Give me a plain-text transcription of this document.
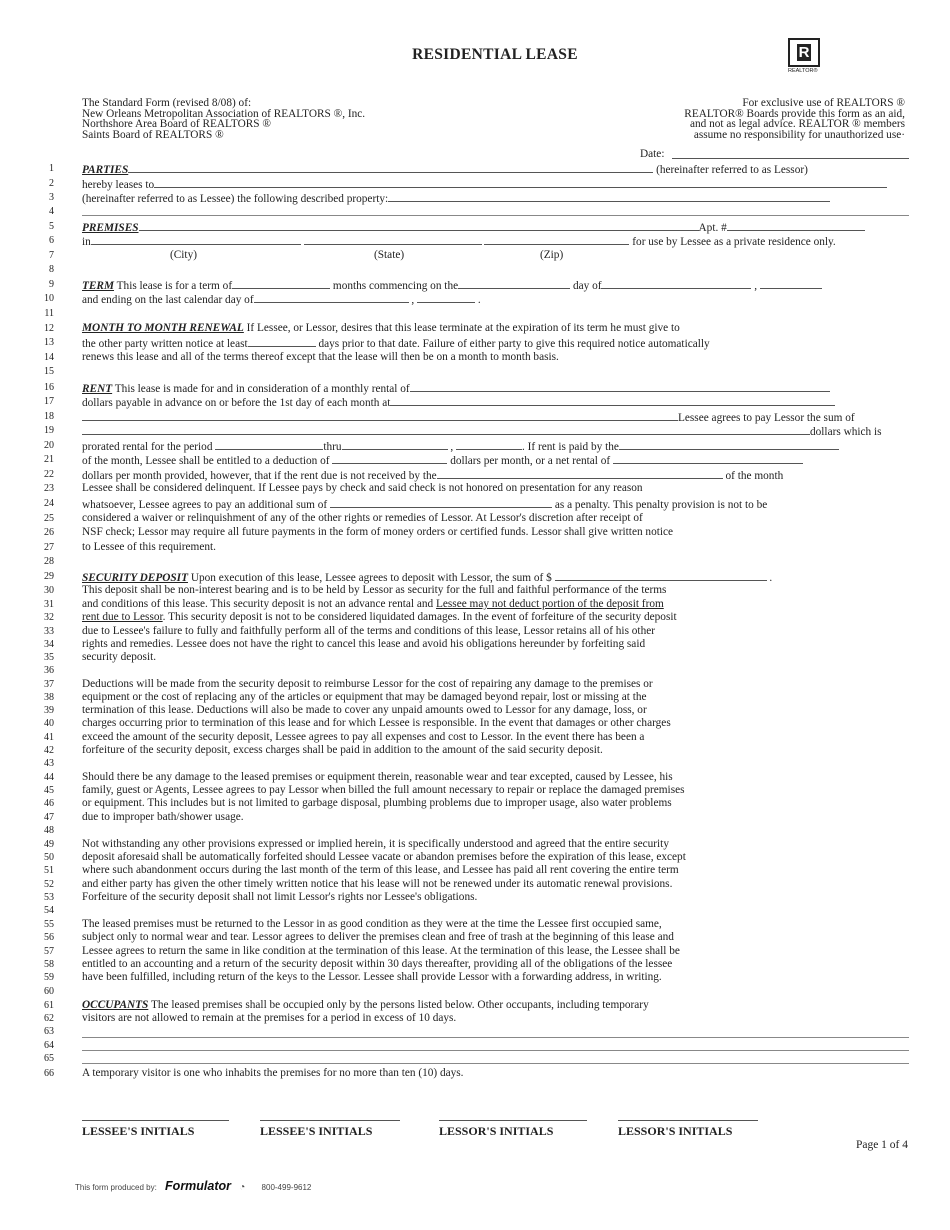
RESIDENTIAL LEASE	R
REALTOR®
The Standard Form (revised 8/08) of:
New Orleans Metropolitan Association of REALTORS ®, Inc.
Northshore Area Board of REALTORS ®
Saints Board of REALTORS ®
For exclusive use of REALTORS ®
REALTOR® Boards provide this form as an aid,
and not as legal advice. REALTOR ® members
assume no responsibility for unauthorized use·
Date:
1
2
3
4
5
6
7
8
9
10
11
12
13
14
15
16
17
18
19
20
21
22
23
24
25
26
27
28
29
30
31
32
33
34
35
36
37
38
39
40
41
42
43
44
45
46
47
48
49
50
51
52
53
54
55
56
57
58
59
60
61
62
63
64
65
66
PARTIES	(hereinafter referred to as Lessor)
hereby leases to
(hereinafter referred to as Lessee) the following described property:
PREMISES	Apt. #
in	for use by Lessee as a private residence only.
(City)	(State)	(Zip)
TERM This lease is for a term of	months commencing on the	day of	,
and ending on the last calendar day of	,	.
MONTH TO MONTH RENEWAL If Lessee, or Lessor, desires that this lease terminate at the expiration of its term he must give to
the other party written notice at least	days prior to that date. Failure of either party to give this required notice automatically
renews this lease and all of the terms thereof except that the lease will then be on a month to month basis.
RENT This lease is made for and in consideration of a monthly rental of
dollars payable in advance on or before the 1st day of each month at
Lessee agrees to pay Lessor the sum of
dollars which is
prorated rental for the period	thru	,	. If rent is paid by the
of the month, Lessee shall be entitled to a deduction of	dollars per month, or a net rental of
dollars per month provided, however, that if the rent due is not received by the	of the month
Lessee shall be considered delinquent. If Lessee pays by check and said check is not honored on presentation for any reason
whatsoever, Lessee agrees to pay an additional sum of	as a penalty. This penalty provision is not to be
considered a waiver or relinquishment of any of the other rights or remedies of Lessor. At Lessor's discretion after receipt of
NSF check; Lessor may require all future payments in the form of money orders or certified funds. Lessor shall give written notice
to Lessee of this requirement.
SECURITY DEPOSIT Upon execution of this lease, Lessee agrees to deposit with Lessor, the sum of $	.
This deposit shall be non-interest bearing and is to be held by Lessor as security for the full and faithful performance of the terms
and conditions of this lease. This security deposit is not an advance rental and Lessee may not deduct portion of the deposit from
rent due to Lessor. This security deposit is not to be considered liquidated damages. In the event of forfeiture of the security deposit
due to Lessee's failure to fully and faithfully perform all of the terms and conditions of this lease, Lessor retains all of his other
rights and remedies. Lessee does not have the right to cancel this lease and avoid his obligations hereunder by forfeiting said
security deposit.
Deductions will be made from the security deposit to reimburse Lessor for the cost of repairing any damage to the premises or
equipment or the cost of replacing any of the articles or equipment that may be damaged beyond repair, lost or missing at the
termination of this lease. Deductions will also be made to cover any unpaid amounts owed to Lessor for any damage, loss, or
charges occurring prior to termination of this lease and for which Lessee is responsible. In the event that damages or other charges
exceed the amount of the security deposit, Lessee agrees to pay all expenses and cost to Lessor. In the event there has been a
forfeiture of the security deposit, excess charges shall be paid in addition to the amount of the said security deposit.
Should there be any damage to the leased premises or equipment therein, reasonable wear and tear excepted, caused by Lessee, his
family, guest or Agents, Lessee agrees to pay Lessor when billed the full amount necessary to repair or replace the damaged premises
or equipment. This includes but is not limited to garbage disposal, plumbing problems due to improper usage, also water problems
due to improper bath/shower usage.
Not withstanding any other provisions expressed or implied herein, it is specifically understood and agreed that the entire security
deposit aforesaid shall be automatically forfeited should Lessee vacate or abandon premises before the expiration of this lease, except
where such abandonment occurs during the last month of the term of this lease, and Lessee has paid all rent covering the entire term
and either party has given the other timely written notice that his lease will not be renewed under its automatic renewal provisions.
Forfeiture of the security deposit shall not limit Lessor's rights nor Lessee's obligations.
The leased premises must be returned to the Lessor in as good condition as they were at the time the Lessee first occupied same,
subject only to normal wear and tear. Lessor agrees to deliver the premises clean and free of trash at the beginning of this lease and
Lessee agrees to return the same in like condition at the termination of this lease. At the termination of this lease, the Lessee shall be
entitled to an accounting and a return of the security deposit within 30 days thereafter, providing all of the obligations of the lessee
have been fulfilled, including return of the keys to the Lessor. Lessee shall provide Lessor with a forwarding address, in writing.
OCCUPANTS The leased premises shall be occupied only by the persons listed below. Other occupants, including temporary
visitors are not allowed to remain at the premises for a period in excess of 10 days.
A temporary visitor is one who inhabits the premises for no more than ten (10) days.
LESSEE'S INITIALS	LESSEE'S INITIALS	LESSOR'S INITIALS	LESSOR'S INITIALS
Page 1 of 4
This form produced by: Formulator ◔ 800-499-9612
